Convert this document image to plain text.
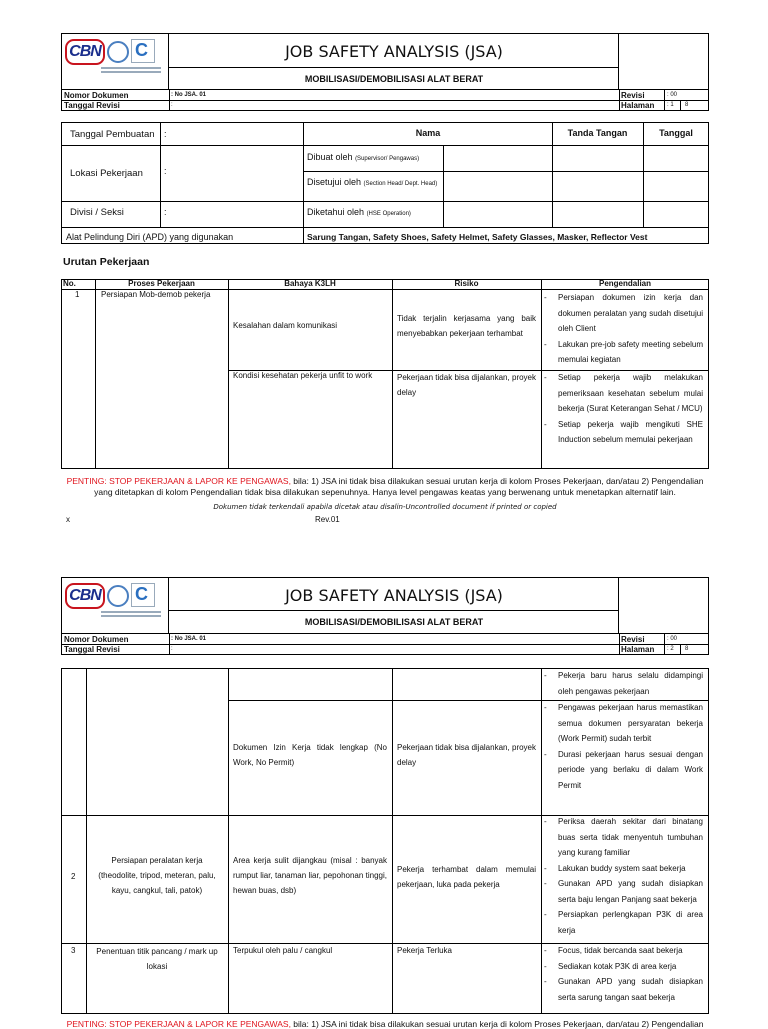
CBN C	JOB SAFETY ANALYSIS (JSA)
MOBILISASI/DEMOBILISASI ALAT BERAT
Nomor Dokumen
Tanggal Revisi
: No JSA. 01
:
Revisi
Halaman
: 00
: 1 8
Tanggal Pembuatan :
Lokasi Pekerjaan :
Divisi / Seksi	:
Nama	Tanda Tangan	Tanggal
Dibuat oleh (Supervisor/ Pengawas)
Disetujui oleh (Section Head/ Dept. Head)
Diketahui oleh (HSE Operation)
Alat Pelindung Diri (APD) yang digunakan	Sarung Tangan, Safety Shoes, Safety Helmet, Safety Glasses, Masker, Reflector Vest
Urutan Pekerjaan
No.	Proses Pekerjaan	Bahaya K3LH	Risiko	Pengendalian
1	Persiapan Mob-demob pekerja
Kesalahan dalam komunikasi
Tidak terjalin kerjasama yang baik menyebabkan pekerjaan terhambat
- Persiapan dokumen izin kerja dan dokumen peralatan yang sudah disetujui oleh Client
- Lakukan pre-job safety meeting sebelum memulai kegiatan
Kondisi kesehatan pekerja unfit to work	Pekerjaan tidak bisa dijalankan, proyek delay
- Setiap pekerja wajib melakukan pemeriksaan kesehatan sebelum mulai bekerja (Surat Keterangan Sehat / MCU)
- Setiap pekerja wajib mengikuti SHE Induction sebelum memulai pekerjaan
PENTING: STOP PEKERJAAN & LAPOR KE PENGAWAS, bila: 1) JSA ini tidak bisa dilakukan sesuai urutan kerja di kolom Proses Pekerjaan, dan/atau 2) Pengendalian
yang ditetapkan di kolom Pengendalian tidak bisa dilakukan sepenuhnya. Hanya level pengawas keatas yang berwenang untuk menetapkan alternatif lain.
Dokumen tidak terkendali apabila dicetak atau disalin-Uncontrolled document if printed or copied
x	Rev.01
CBN C	JOB SAFETY ANALYSIS (JSA)
MOBILISASI/DEMOBILISASI ALAT BERAT
Nomor Dokumen
Tanggal Revisi
: No JSA. 01
:
Revisi
Halaman
: 00
: 2 8
- Pekerja baru harus selalu didampingi oleh pengawas pekerjaan
Dokumen Izin Kerja tidak lengkap (No Work, No Permit)
Pekerjaan tidak bisa dijalankan, proyek delay
- Pengawas pekerjaan harus memastikan semua dokumen persyaratan bekerja (Work Permit) sudah terbit
- Durasi pekerjaan harus sesuai dengan periode yang berlaku di dalam Work Permit
2
Persiapan peralatan kerja (theodolite, tripod, meteran, palu, kayu, cangkul, tali, patok)
Area kerja sulit dijangkau (misal : banyak rumput liar, tanaman liar, pepohonan tinggi, hewan buas, dsb)
Pekerja terhambat dalam memulai pekerjaan, luka pada pekerja
- Periksa daerah sekitar dari binatang buas serta tidak menyentuh tumbuhan yang kurang familiar
- Lakukan buddy system saat bekerja
- Gunakan APD yang sudah disiapkan serta baju lengan Panjang saat bekerja
- Persiapkan perlengkapan P3K di area kerja
3	Penentuan titik pancang / mark up lokasi
Terpukul oleh palu / cangkul	Pekerja Terluka
-	Focus, tidak bercanda saat bekerja
- Sediakan kotak P3K di area kerja
- Gunakan APD yang sudah disiapkan serta sarung tangan saat bekerja
PENTING: STOP PEKERJAAN & LAPOR KE PENGAWAS, bila: 1) JSA ini tidak bisa dilakukan sesuai urutan kerja di kolom Proses Pekerjaan, dan/atau 2) Pengendalian
